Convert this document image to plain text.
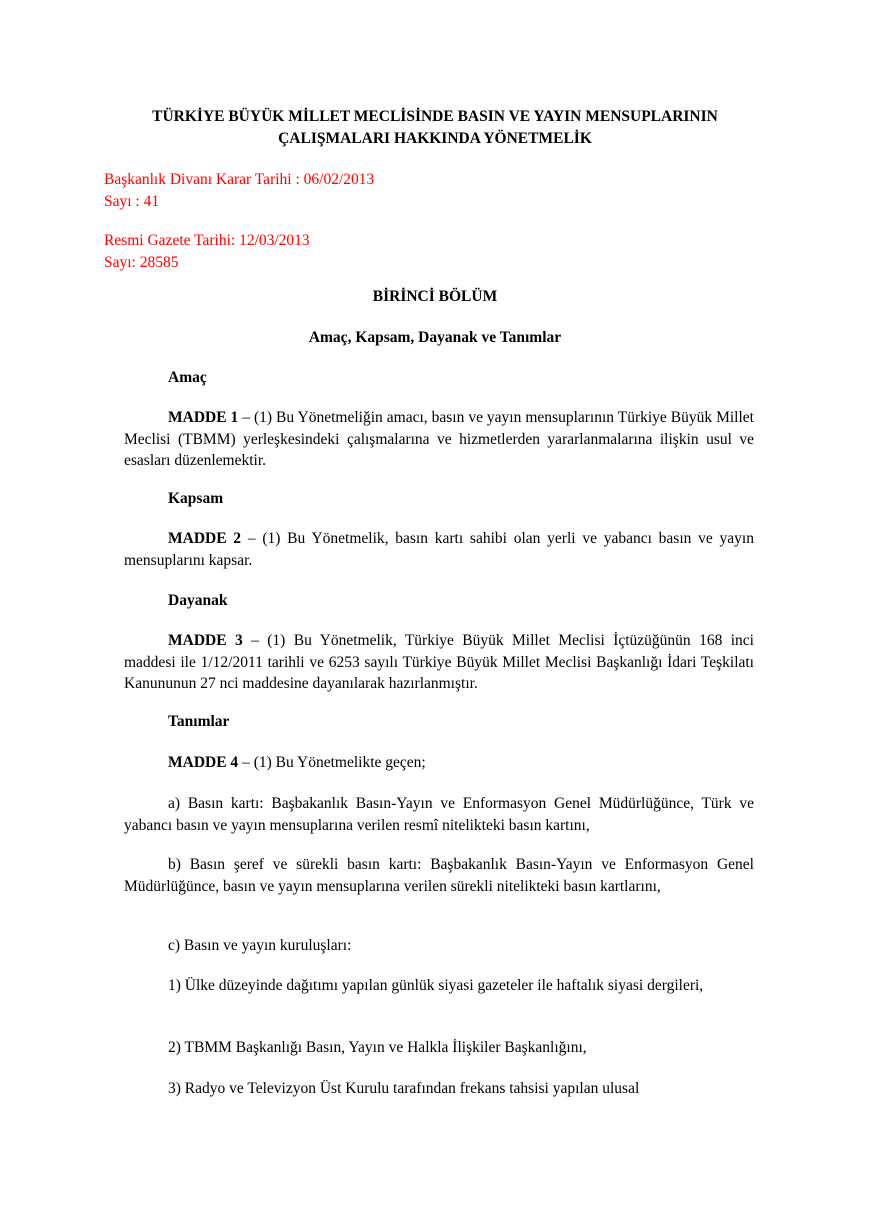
TÜRKİYE BÜYÜK MİLLET MECLİSİNDE BASIN VE YAYIN MENSUPLARININ
ÇALIŞMALARI HAKKINDA YÖNETMELİK
Başkanlık Divanı Karar Tarihi : 06/02/2013
Sayı : 41
Resmi Gazete Tarihi: 12/03/2013
Sayı: 28585
BİRİNCİ BÖLÜM
Amaç, Kapsam, Dayanak ve Tanımlar
Amaç
MADDE 1 – (1) Bu Yönetmeliğin amacı, basın ve yayın mensuplarının Türkiye Büyük Millet Meclisi (TBMM) yerleşkesindeki çalışmalarına ve hizmetlerden yararlanmalarına ilişkin usul ve esasları düzenlemektir.
Kapsam
MADDE 2 – (1) Bu Yönetmelik, basın kartı sahibi olan yerli ve yabancı basın ve yayın mensuplarını kapsar.
Dayanak
MADDE 3 – (1) Bu Yönetmelik, Türkiye Büyük Millet Meclisi İçtüzüğünün 168 inci maddesi ile 1/12/2011 tarihli ve 6253 sayılı Türkiye Büyük Millet Meclisi Başkanlığı İdari Teşkilatı Kanununun 27 nci maddesine dayanılarak hazırlanmıştır.
Tanımlar
MADDE 4 – (1) Bu Yönetmelikte geçen;
a) Basın kartı: Başbakanlık Basın-Yayın ve Enformasyon Genel Müdürlüğünce, Türk ve yabancı basın ve yayın mensuplarına verilen resmî nitelikteki basın kartını,
b) Basın şeref ve sürekli basın kartı: Başbakanlık Basın-Yayın ve Enformasyon Genel Müdürlüğünce, basın ve yayın mensuplarına verilen sürekli nitelikteki basın kartlarını,
c) Basın ve yayın kuruluşları:
1) Ülke düzeyinde dağıtımı yapılan günlük siyasi gazeteler ile haftalık siyasi dergileri,
2) TBMM Başkanlığı Basın, Yayın ve Halkla İlişkiler Başkanlığını,
3) Radyo ve Televizyon Üst Kurulu tarafından frekans tahsisi yapılan ulusal
